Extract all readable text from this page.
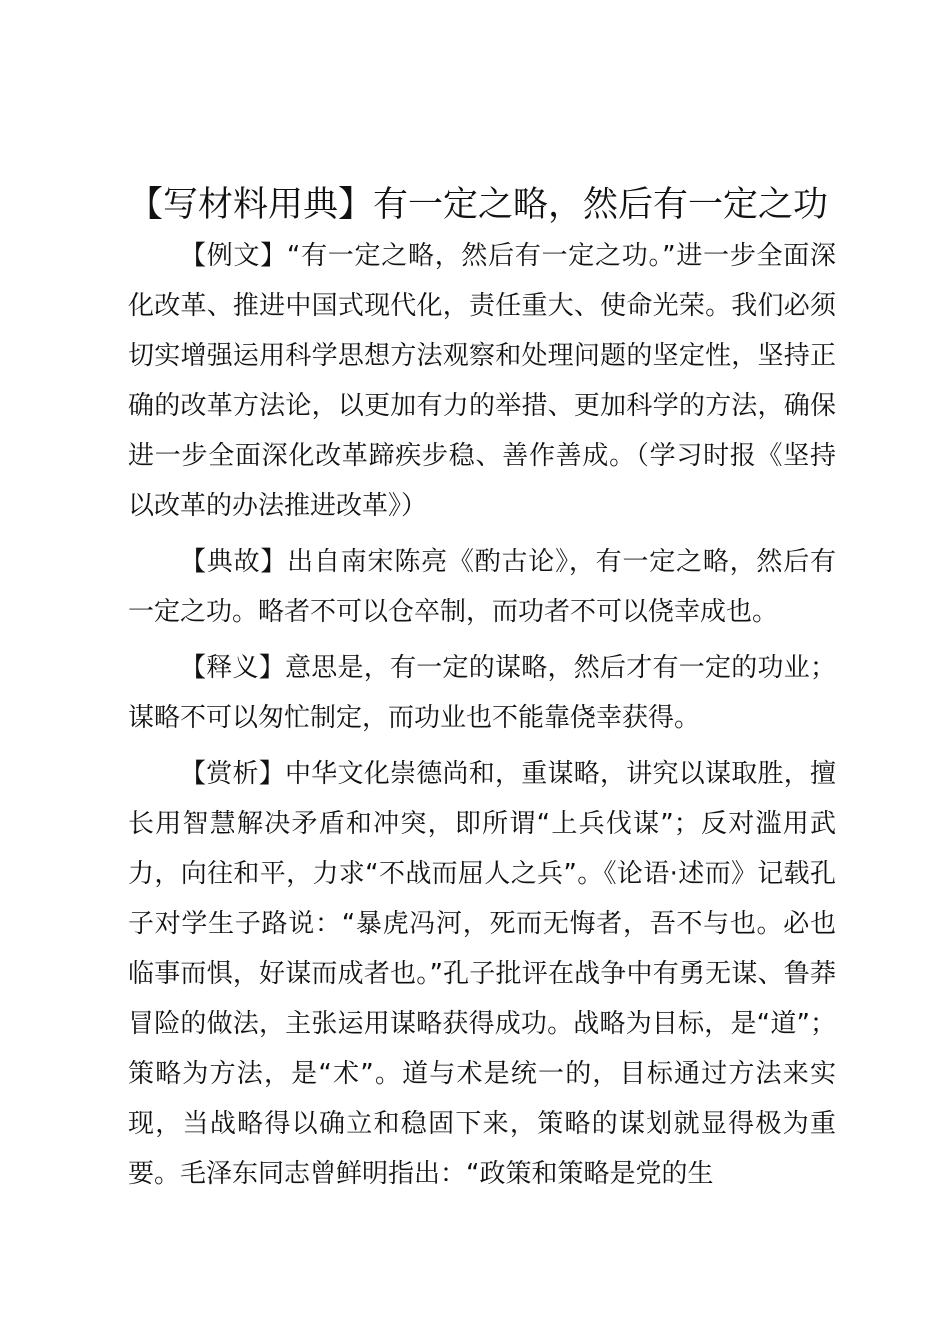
【写材料用典】有一定之略，然后有一定之功

【例文】“有一定之略，然后有一定之功。”进一步全面深化改革、推进中国式现代化，责任重大、使命光荣。我们必须切实增强运用科学思想方法观察和处理问题的坚定性，坚持正确的改革方法论，以更加有力的举措、更加科学的方法，确保进一步全面深化改革蹄疾步稳、善作善成。（学习时报《坚持以改革的办法推进改革》）

【典故】出自南宋陈亮《酌古论》，有一定之略，然后有一定之功。略者不可以仓卒制，而功者不可以侥幸成也。

【释义】意思是，有一定的谋略，然后才有一定的功业；谋略不可以匆忙制定，而功业也不能靠侥幸获得。

【赏析】中华文化崇德尚和，重谋略，讲究以谋取胜，擅长用智慧解决矛盾和冲突，即所谓“上兵伐谋”；反对滥用武力，向往和平，力求“不战而屈人之兵”。《论语·述而》记载孔子对学生子路说：“暴虎冯河，死而无悔者，吾不与也。必也临事而惧，好谋而成者也。”孔子批评在战争中有勇无谋、鲁莽冒险的做法，主张运用谋略获得成功。战略为目标，是“道”；策略为方法，是“术”。道与术是统一的，目标通过方法来实现，当战略得以确立和稳固下来，策略的谋划就显得极为重要。毛泽东同志曾鲜明指出：“政策和策略是党的生
